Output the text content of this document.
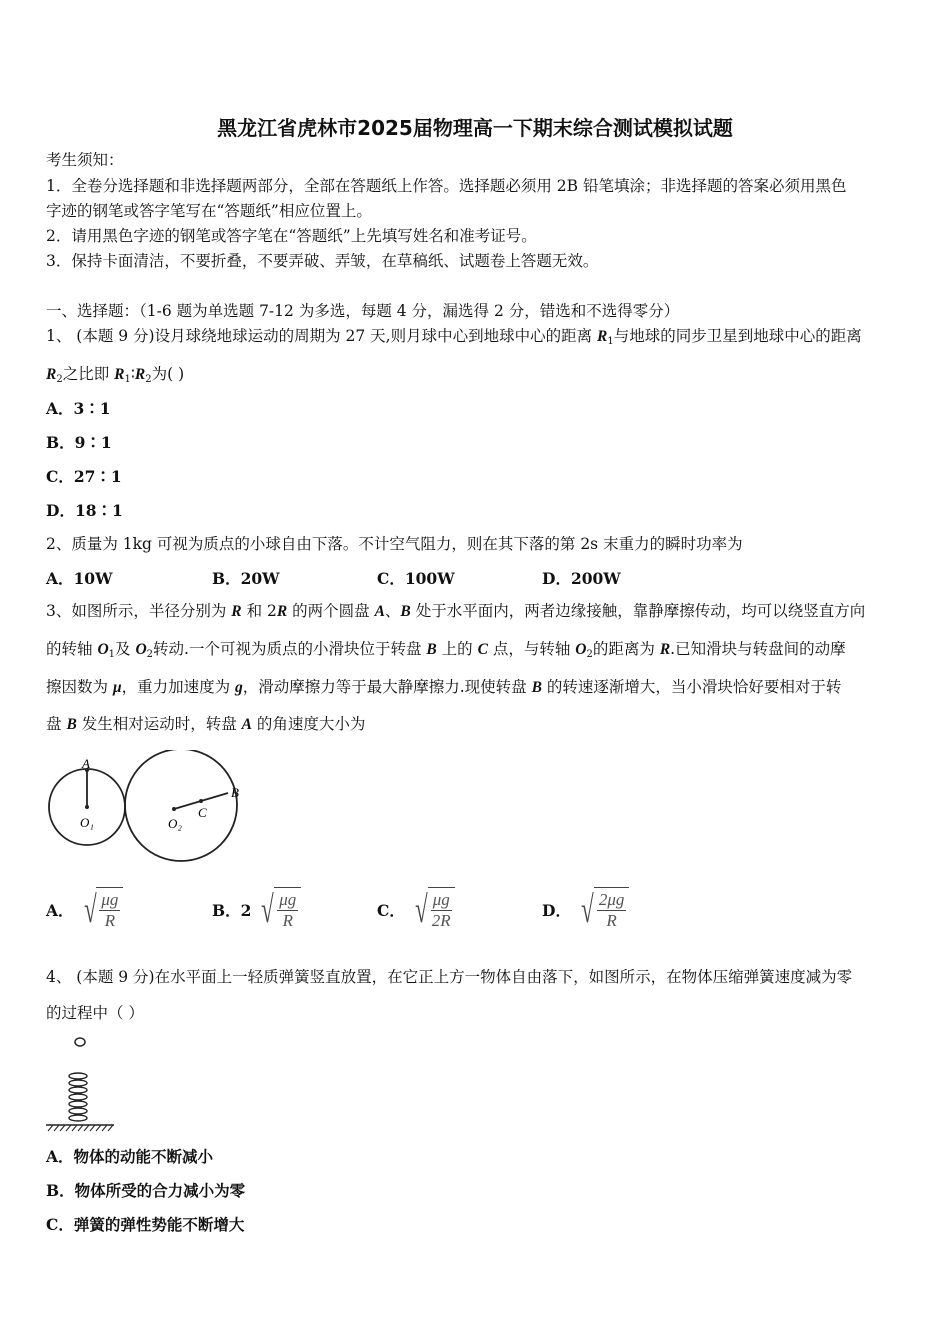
黑龙江省虎林市2025届物理高一下期末综合测试模拟试题
考生须知：
1．全卷分选择题和非选择题两部分，全部在答题纸上作答。选择题必须用 2B 铅笔填涂；非选择题的答案必须用黑色
字迹的钢笔或答字笔写在“答题纸”相应位置上。
2．请用黑色字迹的钢笔或答字笔在“答题纸”上先填写姓名和准考证号。
3．保持卡面清洁，不要折叠，不要弄破、弄皱，在草稿纸、试题卷上答题无效。
一、选择题：（1-6 题为单选题 7-12 为多选，每题 4 分，漏选得 2 分，错选和不选得零分）
1、 (本题 9 分)设月球绕地球运动的周期为 27 天,则月球中心到地球中心的距离 $R_1$与地球的同步卫星到地球中心的距离
$R_2$之比即 $R_1∶R_2$为( )
A．3∶1
B．9∶1
C．27∶1
D．18∶1
2、质量为 1kg 可视为质点的小球自由下落。不计空气阻力，则在其下落的第 2s 末重力的瞬时功率为
A．10W	B．20W	C．100W	D．200W
3、如图所示，半径分别为 R 和 2R 的两个圆盘 A、B 处于水平面内，两者边缘接触，靠静摩擦传动，均可以绕竖直方向
的转轴 $O_1$及 $O_2$转动.一个可视为质点的小滑块位于转盘 B 上的 C 点，与转轴 $O_2$的距离为 R.已知滑块与转盘间的动摩
擦因数为 μ，重力加速度为 g，滑动摩擦力等于最大静摩擦力.现使转盘 B 的转速逐渐增大，当小滑块恰好要相对于转
盘 B 发生相对运动时，转盘 A 的角速度大小为
A
B
C
O₁	O₂
A． √ $\frac{\mu g}{R}$	B． 2 √ $\frac{\mu g}{R}$	C． √ $\frac{\mu g}{2R}$	D． √ $\frac{2\mu g}{R}$
4、 (本题 9 分)在水平面上一轻质弹簧竖直放置，在它正上方一物体自由落下，如图所示，在物体压缩弹簧速度减为零
的过程中（ ）
A．物体的动能不断减小
B．物体所受的合力减小为零
C．弹簧的弹性势能不断增大
